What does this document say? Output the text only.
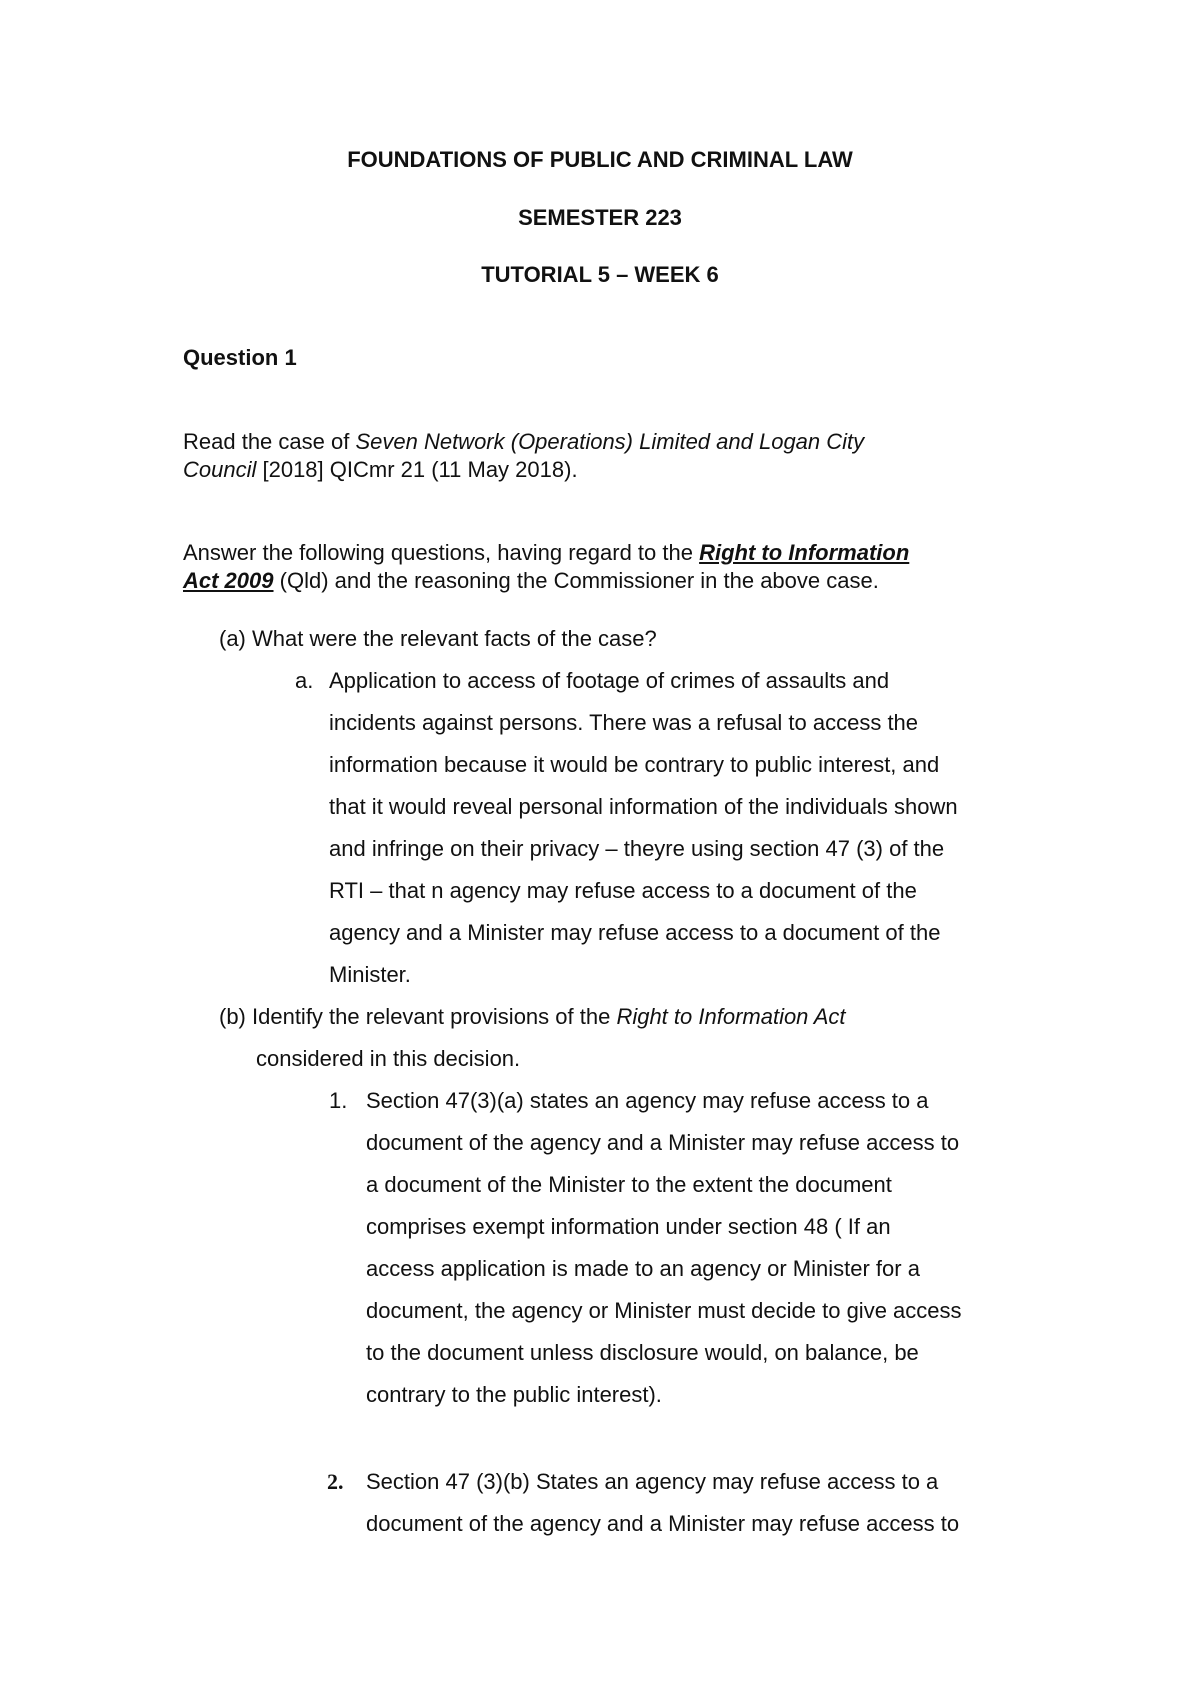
FOUNDATIONS OF PUBLIC AND CRIMINAL LAW
SEMESTER 223
TUTORIAL 5 – WEEK 6
Question 1
Read the case of Seven Network (Operations) Limited and Logan City
Council [2018] QICmr 21 (11 May 2018).
Answer the following questions, having regard to the Right to Information
Act 2009 (Qld) and the reasoning the Commissioner in the above case.
(a) What were the relevant facts of the case?
a. Application to access of footage of crimes of assaults and
incidents against persons. There was a refusal to access the
information because it would be contrary to public interest, and
that it would reveal personal information of the individuals shown
and infringe on their privacy – theyre using section 47 (3) of the
RTI – that n agency may refuse access to a document of the
agency and a Minister may refuse access to a document of the
Minister.
(b) Identify the relevant provisions of the Right to Information Act
considered in this decision.
1. Section 47(3)(a) states an agency may refuse access to a
document of the agency and a Minister may refuse access to
a document of the Minister to the extent the document
comprises exempt information under section 48 ( If an
access application is made to an agency or Minister for a
document, the agency or Minister must decide to give access
to the document unless disclosure would, on balance, be
contrary to the public interest).
2. Section 47 (3)(b) States an agency may refuse access to a
document of the agency and a Minister may refuse access to
